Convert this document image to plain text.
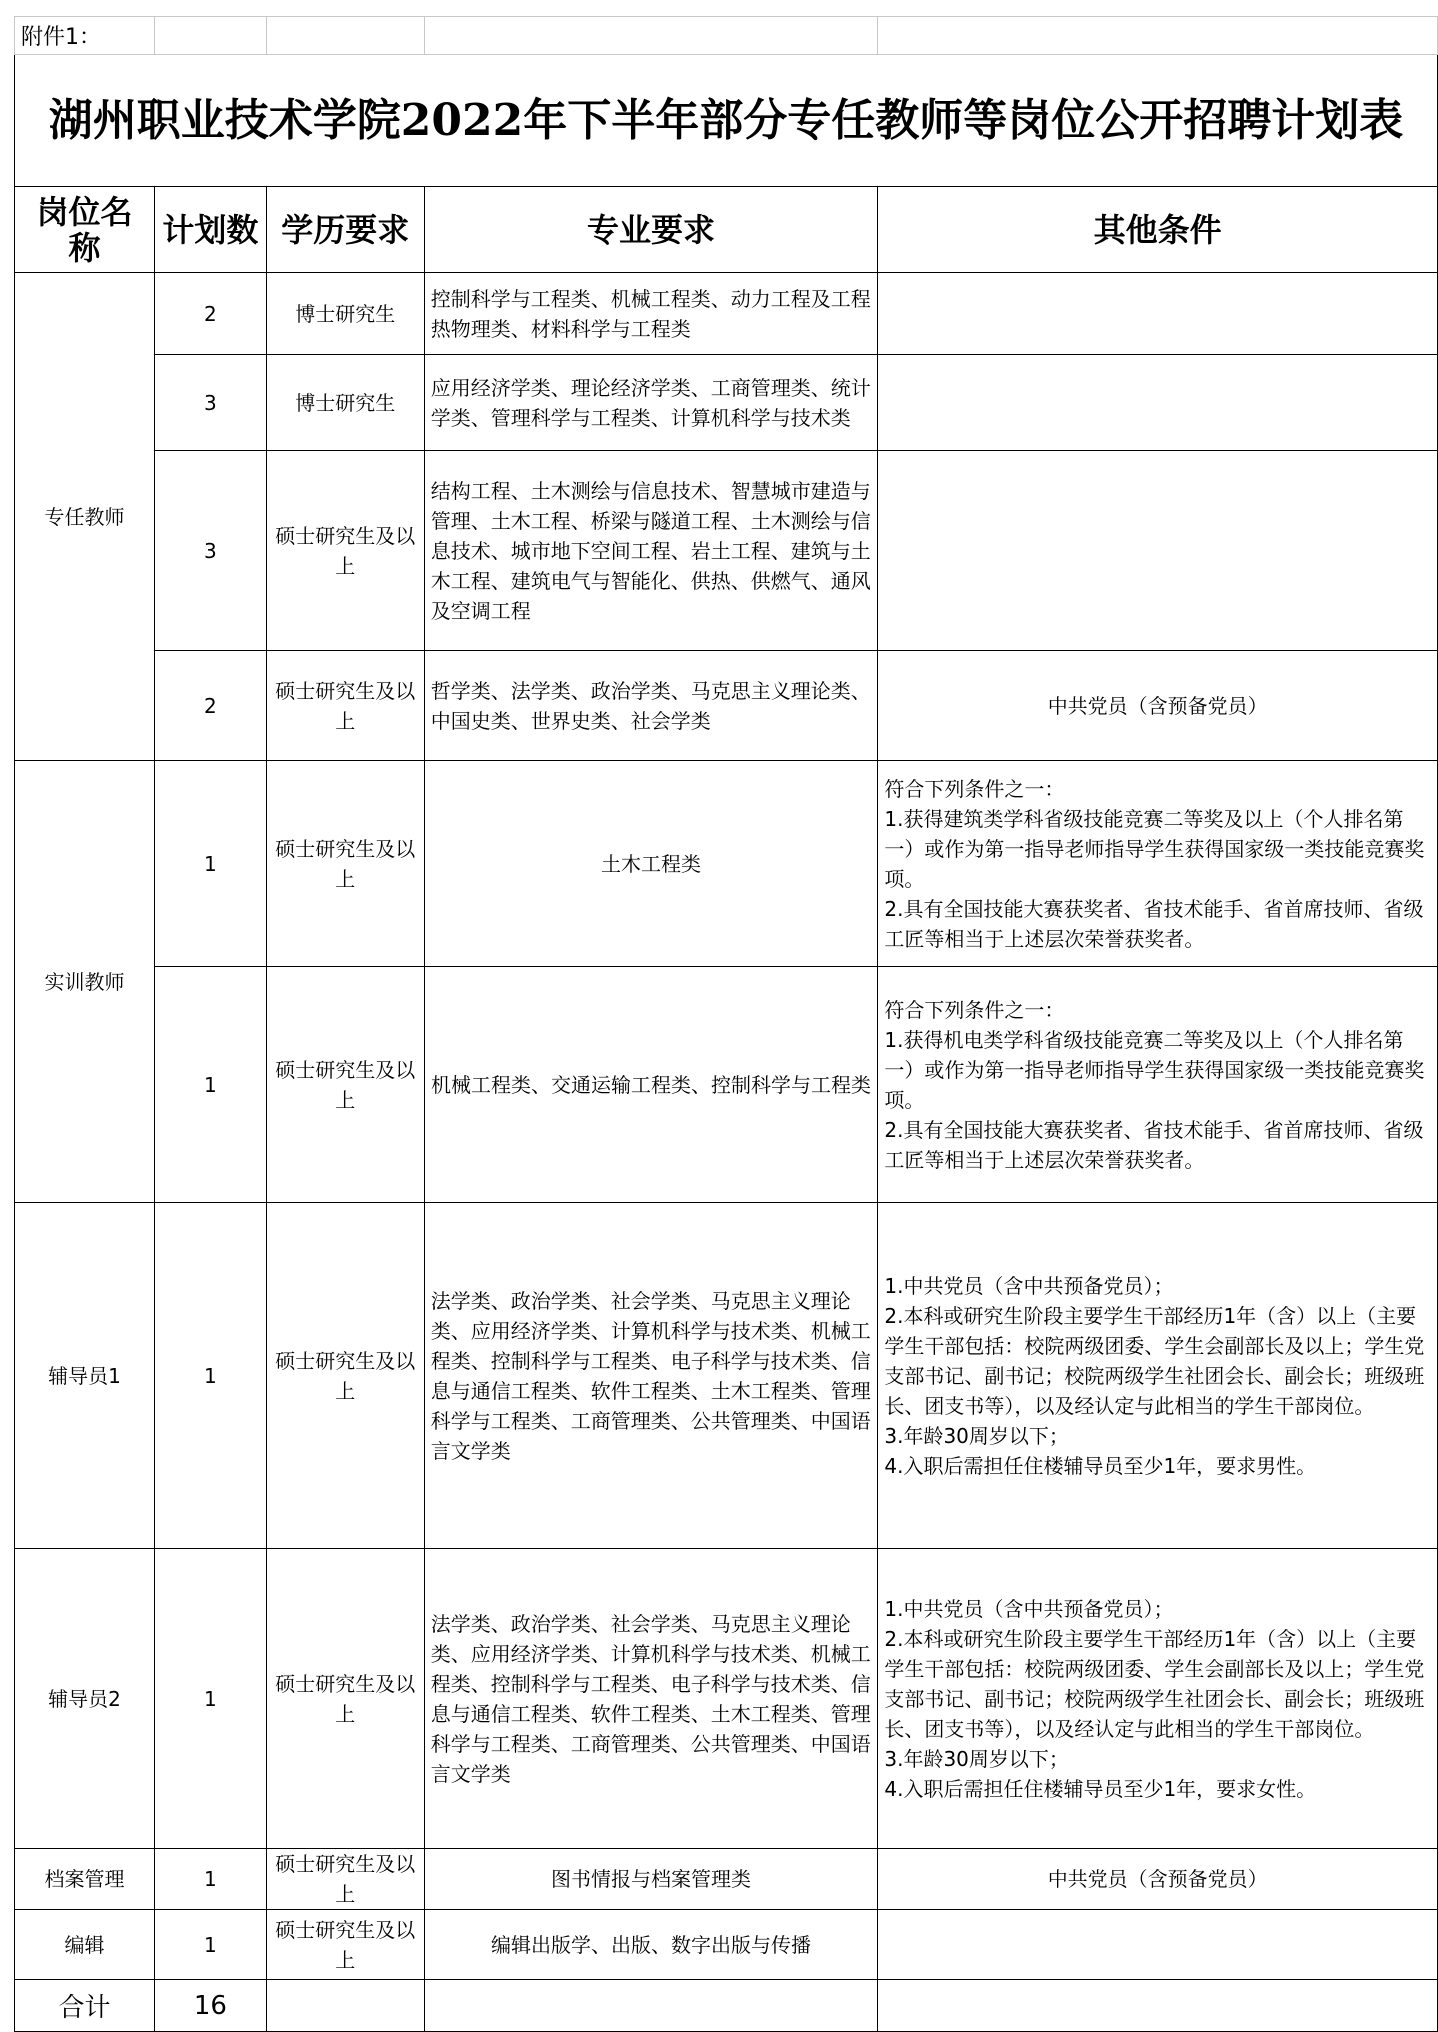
附件1：				
湖州职业技术学院2022年下半年部分专任教师等岗位公开招聘计划表				
岗位名称	计划数	学历要求	专业要求	其他条件
专任教师	2	博士研究生	控制科学与工程类、机械工程类、动力工程及工程热物理类、材料科学与工程类	
	3	博士研究生	应用经济学类、理论经济学类、工商管理类、统计学类、管理科学与工程类、计算机科学与技术类	
	3	硕士研究生及以上	结构工程、土木测绘与信息技术、智慧城市建造与管理、土木工程、桥梁与隧道工程、土木测绘与信息技术、城市地下空间工程、岩土工程、建筑与土木工程、建筑电气与智能化、供热、供燃气、通风及空调工程	
	2	硕士研究生及以上	哲学类、法学类、政治学类、马克思主义理论类、中国史类、世界史类、社会学类	中共党员（含预备党员）
实训教师	1	硕士研究生及以上	土木工程类	符合下列条件之一：
1.获得建筑类学科省级技能竞赛二等奖及以上（个人排名第一）或作为第一指导老师指导学生获得国家级一类技能竞赛奖项。
2.具有全国技能大赛获奖者、省技术能手、省首席技师、省级工匠等相当于上述层次荣誉获奖者。
	1	硕士研究生及以上	机械工程类、交通运输工程类、控制科学与工程类	符合下列条件之一：
1.获得机电类学科省级技能竞赛二等奖及以上（个人排名第一）或作为第一指导老师指导学生获得国家级一类技能竞赛奖项。
2.具有全国技能大赛获奖者、省技术能手、省首席技师、省级工匠等相当于上述层次荣誉获奖者。
辅导员1	1	硕士研究生及以上	法学类、政治学类、社会学类、马克思主义理论类、应用经济学类、计算机科学与技术类、机械工程类、控制科学与工程类、电子科学与技术类、信息与通信工程类、软件工程类、土木工程类、管理科学与工程类、工商管理类、公共管理类、中国语言文学类	1.中共党员（含中共预备党员）；
2.本科或研究生阶段主要学生干部经历1年（含）以上（主要学生干部包括：校院两级团委、学生会副部长及以上；学生党支部书记、副书记；校院两级学生社团会长、副会长；班级班长、团支书等），以及经认定与此相当的学生干部岗位。
3.年龄30周岁以下；
4.入职后需担任住楼辅导员至少1年，要求男性。
辅导员2	1	硕士研究生及以上	法学类、政治学类、社会学类、马克思主义理论类、应用经济学类、计算机科学与技术类、机械工程类、控制科学与工程类、电子科学与技术类、信息与通信工程类、软件工程类、土木工程类、管理科学与工程类、工商管理类、公共管理类、中国语言文学类	1.中共党员（含中共预备党员）；
2.本科或研究生阶段主要学生干部经历1年（含）以上（主要学生干部包括：校院两级团委、学生会副部长及以上；学生党支部书记、副书记；校院两级学生社团会长、副会长；班级班长、团支书等），以及经认定与此相当的学生干部岗位。
3.年龄30周岁以下；
4.入职后需担任住楼辅导员至少1年，要求女性。
档案管理	1	硕士研究生及以上	图书情报与档案管理类	中共党员（含预备党员）
编辑	1	硕士研究生及以上	编辑出版学、出版、数字出版与传播	
合计	16			
